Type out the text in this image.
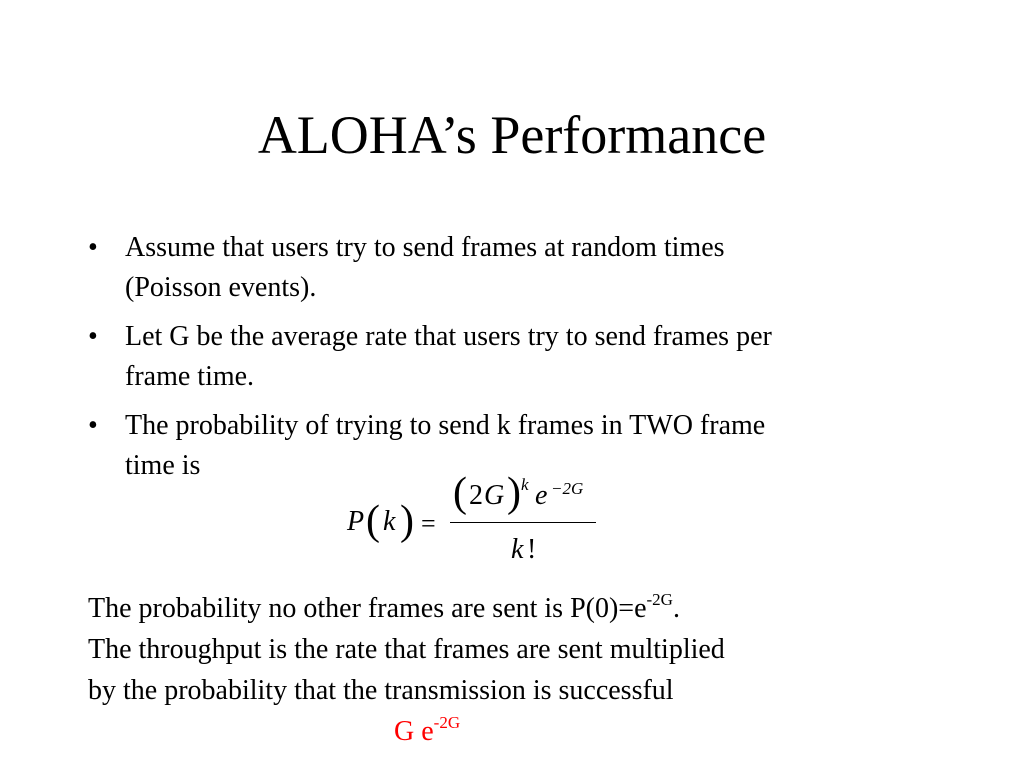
ALOHA’s Performance
• Assume that users try to send frames at random times
(Poisson events).
• Let G be the average rate that users try to send frames per
frame time.
• The probability of trying to send k frames in TWO frame
time is
P ( k ) =
( 2 G ) k e −2G
k !
The probability no other frames are sent is $P(0)=e^{-2G}$.
The throughput is the rate that frames are sent multiplied
by the probability that the transmission is successful
G $e^{-2G}$
